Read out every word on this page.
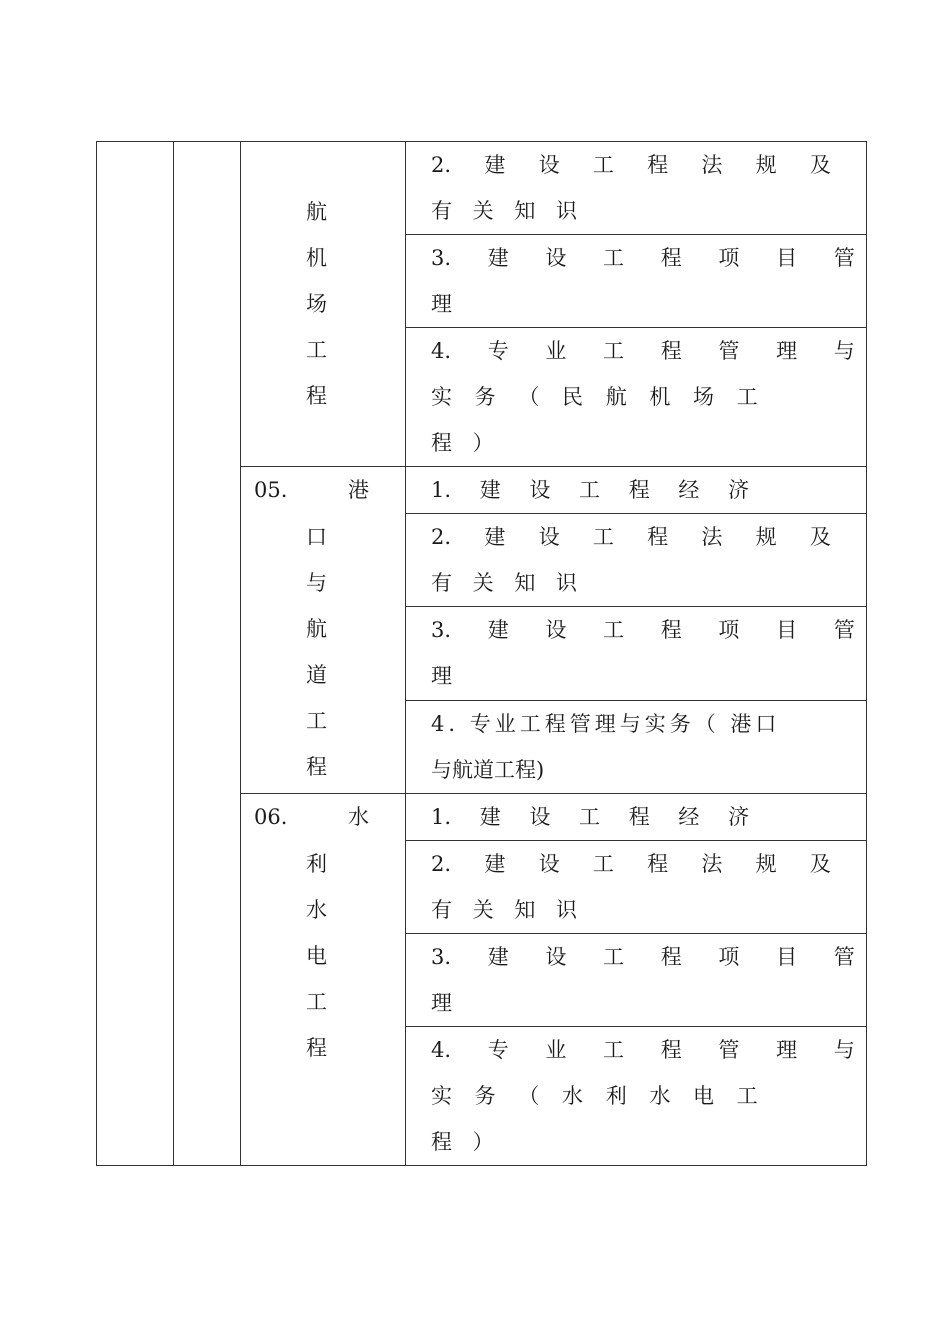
航
机
场
工
程
2. 建 设 工 程 法 规 及
有 关 知 识
3. 建 设 工 程 项 目 管
理
4. 专 业 工 程 管 理 与
实 务 （ 民 航 机 场 工
程 ）
05.	港
口
与
航
道
工
程
1. 建 设 工 程 经 济
2. 建 设 工 程 法 规 及
有 关 知 识
3. 建 设 工 程 项 目 管
理
4. 专业工程管理与实务（ 港口
与航道工程)
06.	水
利
水
电
工
程
1. 建 设 工 程 经 济
2. 建 设 工 程 法 规 及
有 关 知 识
3. 建 设 工 程 项 目 管
理
4. 专 业 工 程 管 理 与
实 务 （ 水 利 水 电 工
程 ）
